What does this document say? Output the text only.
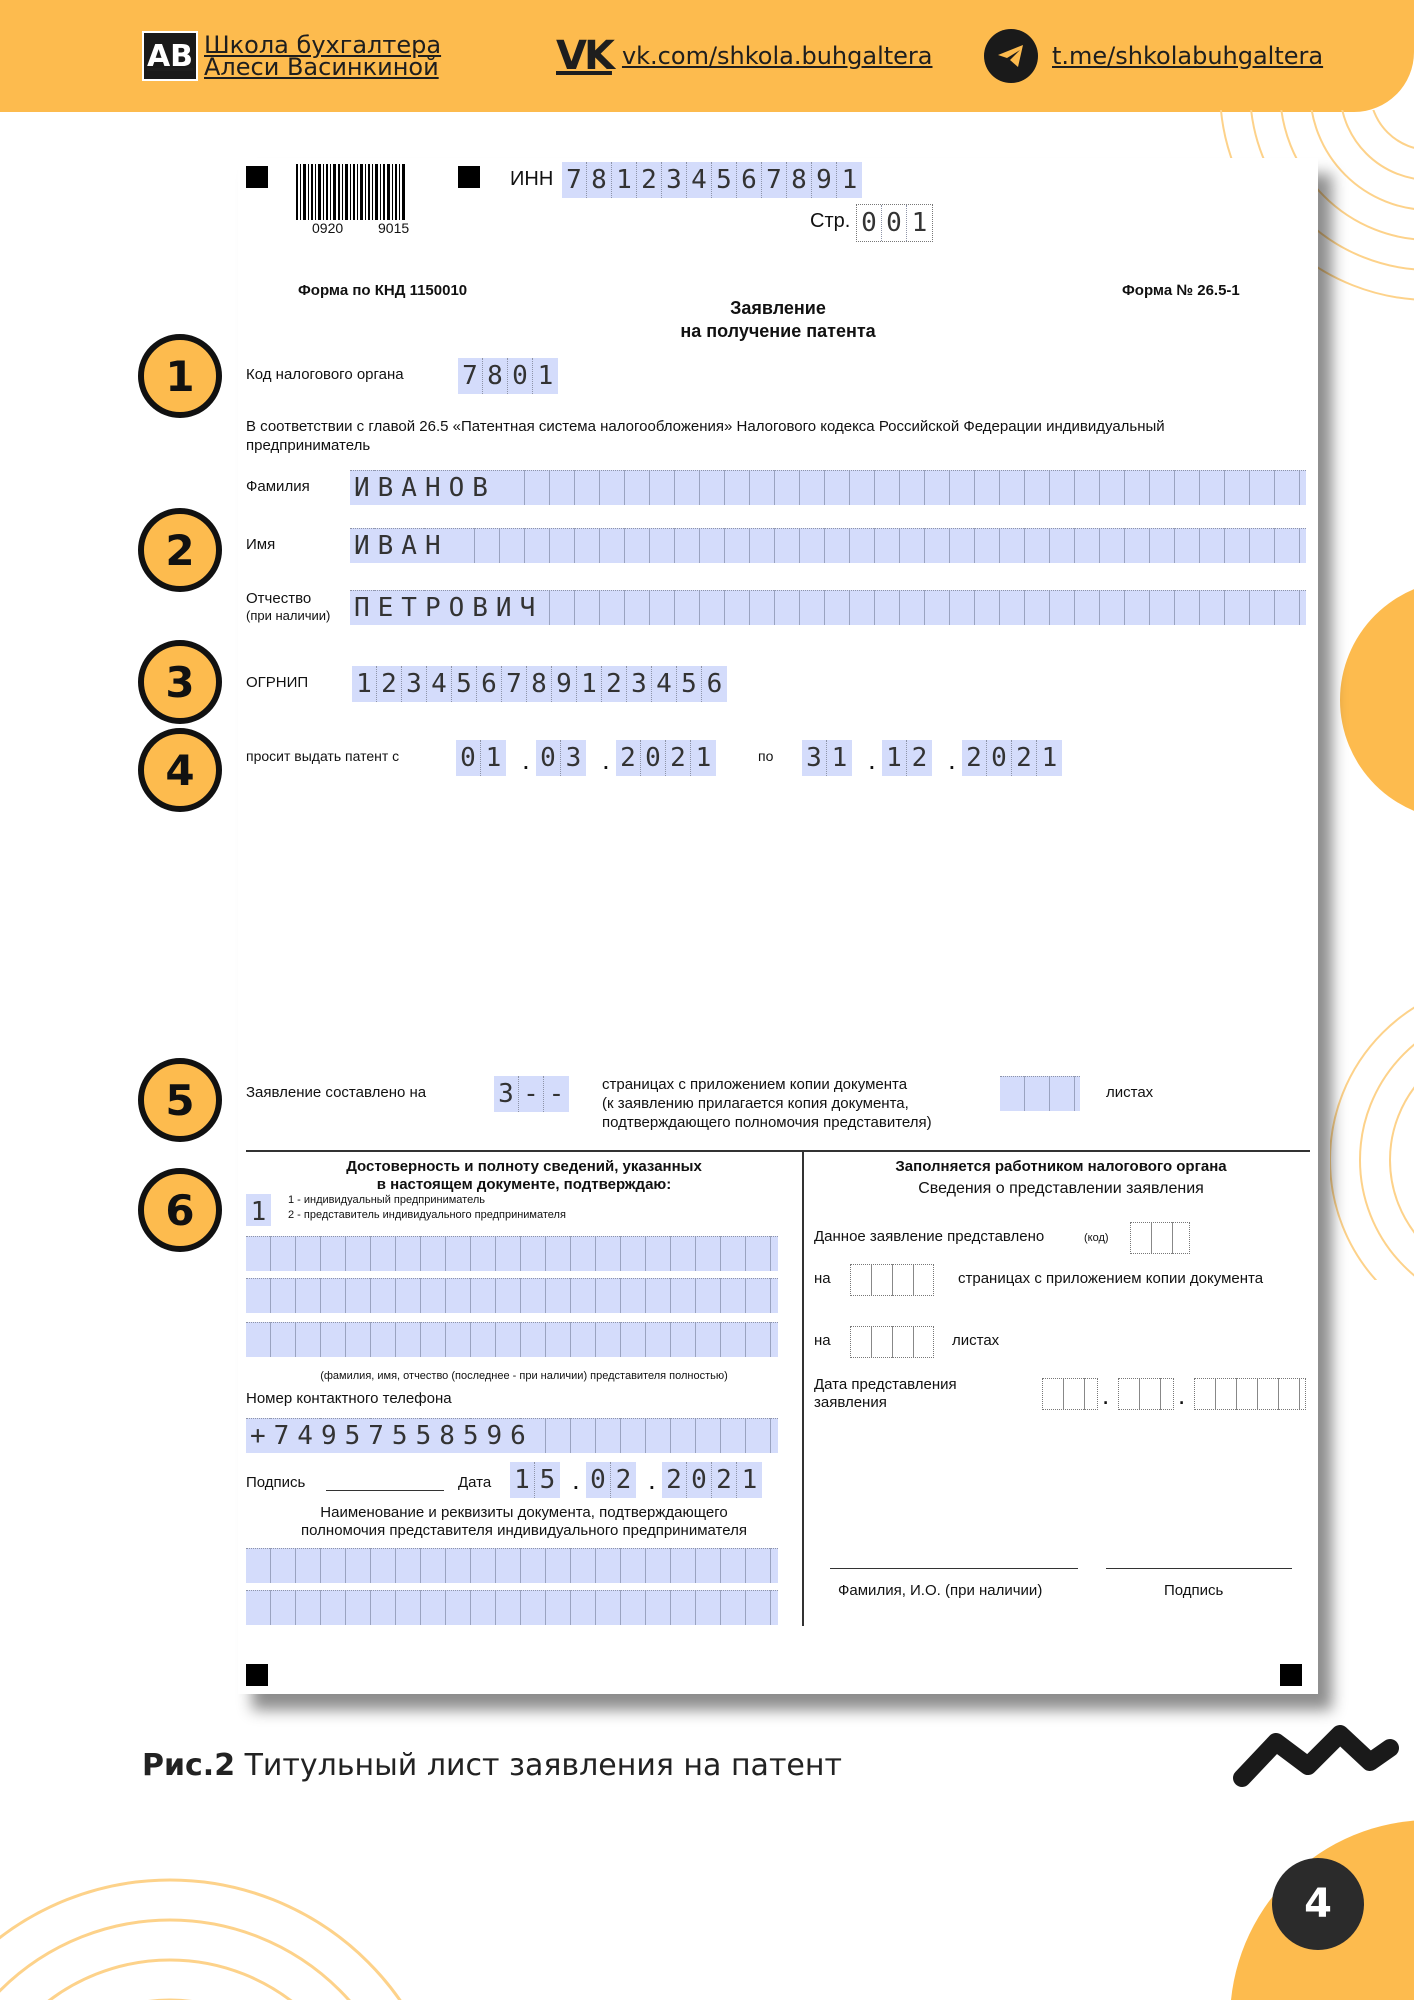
АВ Школа бухгалтера
Алеси Васинкиной	VK vk.com/shkola.buhgaltera	t.me/shkolabuhgaltera
0920 9015
ИНН 7 8 1 2 3 4 5 6 7 8 9 1
Стр. 0 0 1
Форма по КНД 1150010	Форма № 26.5-1
Заявление
на получение патента
Код налогового органа 7 8 0 1
В соответствии с главой 26.5 «Патентная система налогообложения» Налогового кодекса Российской Федерации индивидуальный
предприниматель
Фамилия ИВАНОВ
Имя	ИВАН
Отчество
(при наличии) ПЕТРОВИЧ
ОГРНИП 1 2 3 4 5 6 7 8 9 1 2 3 4 5 6
просит выдать патент с 0 1 . 0 3 . 2 0 2 1	по 3 1 . 1 2 . 2 0 2 1
Заявление составлено на	3 - -	страницах с приложением копии документа
(к заявлению прилагается копия документа,
подтверждающего полномочия представителя)
листах
Достоверность и полноту сведений, указанных
в настоящем документе, подтверждаю:
1	1 - индивидуальный предприниматель
2 - представитель индивидуального предпринимателя
(фамилия, имя, отчество (последнее - при наличии) представителя полностью)
Номер контактного телефона
+74957558596
Подпись	Дата 1 5 . 0 2 . 2 0 2 1
Наименование и реквизиты документа, подтверждающего
полномочия представителя индивидуального предпринимателя
Заполняется работником налогового органа
Сведения о представлении заявления
Данное заявление представлено	(код)
на	страницах с приложением копии документа
на	листах
Дата представления
заявления	.	.
Фамилия, И.О. (при наличии)	Подпись
1
2
3
4
5
6
Рис.2 Титульный лист заявления на патент
4
